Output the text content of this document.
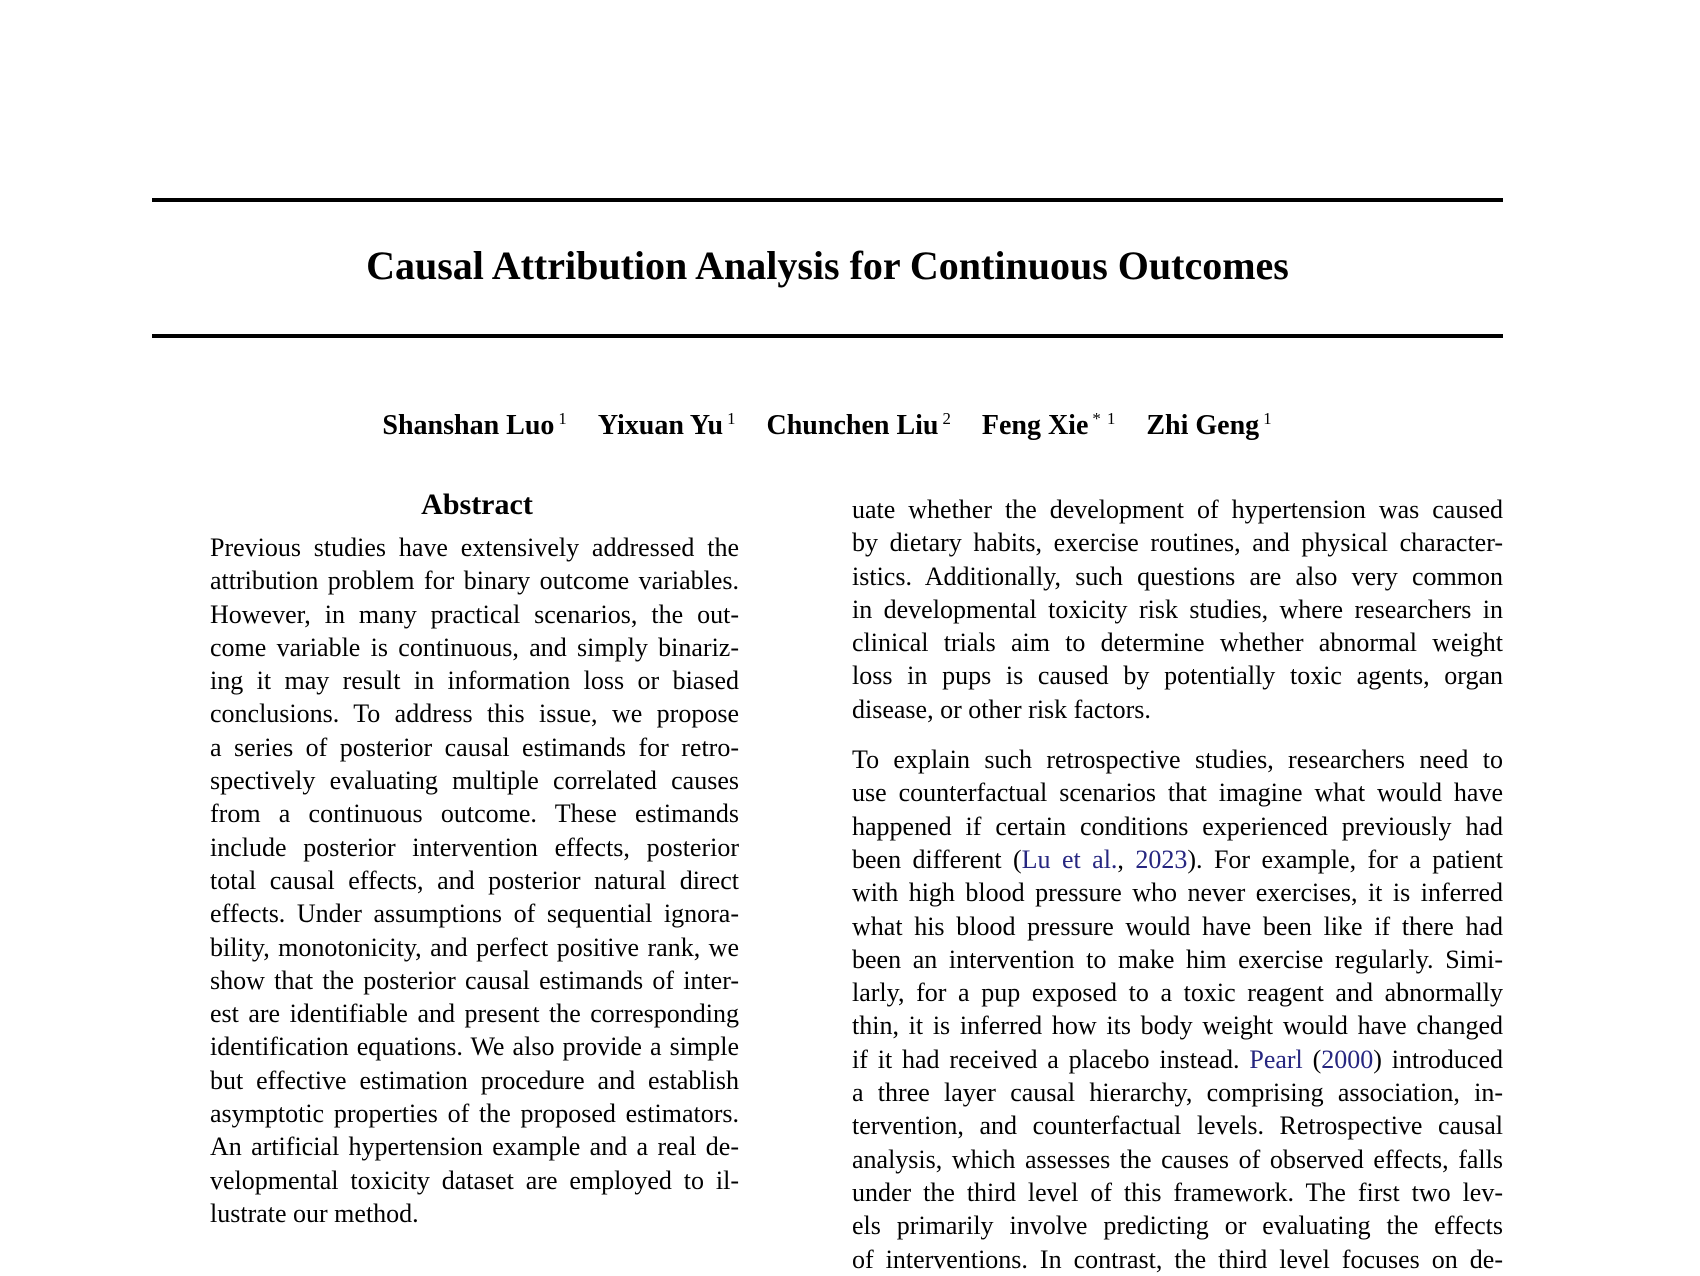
Causal Attribution Analysis for Continuous Outcomes
Shanshan Luo $^1$ Yixuan Yu $^1$ Chunchen Liu $^2$ Feng Xie $^{* 1}$ Zhi Geng $^1$
Abstract
Previous studies have extensively addressed the
attribution problem for binary outcome variables.
However, in many practical scenarios, the out-
come variable is continuous, and simply binariz-
ing it may result in information loss or biased
conclusions. To address this issue, we propose
a series of posterior causal estimands for retro-
spectively evaluating multiple correlated causes
from a continuous outcome. These estimands
include posterior intervention effects, posterior
total causal effects, and posterior natural direct
effects. Under assumptions of sequential ignora-
bility, monotonicity, and perfect positive rank, we
show that the posterior causal estimands of inter-
est are identifiable and present the corresponding
identification equations. We also provide a simple
but effective estimation procedure and establish
asymptotic properties of the proposed estimators.
An artificial hypertension example and a real de-
velopmental toxicity dataset are employed to il-
lustrate our method.
uate whether the development of hypertension was caused
by dietary habits, exercise routines, and physical character-
istics. Additionally, such questions are also very common
in developmental toxicity risk studies, where researchers in
clinical trials aim to determine whether abnormal weight
loss in pups is caused by potentially toxic agents, organ
disease, or other risk factors.
To explain such retrospective studies, researchers need to
use counterfactual scenarios that imagine what would have
happened if certain conditions experienced previously had
been different (Lu et al., 2023). For example, for a patient
with high blood pressure who never exercises, it is inferred
what his blood pressure would have been like if there had
been an intervention to make him exercise regularly. Simi-
larly, for a pup exposed to a toxic reagent and abnormally
thin, it is inferred how its body weight would have changed
if it had received a placebo instead. Pearl (2000) introduced
a three layer causal hierarchy, comprising association, in-
tervention, and counterfactual levels. Retrospective causal
analysis, which assesses the causes of observed effects, falls
under the third level of this framework. The first two lev-
els primarily involve predicting or evaluating the effects
of interventions. In contrast, the third level focuses on de-
